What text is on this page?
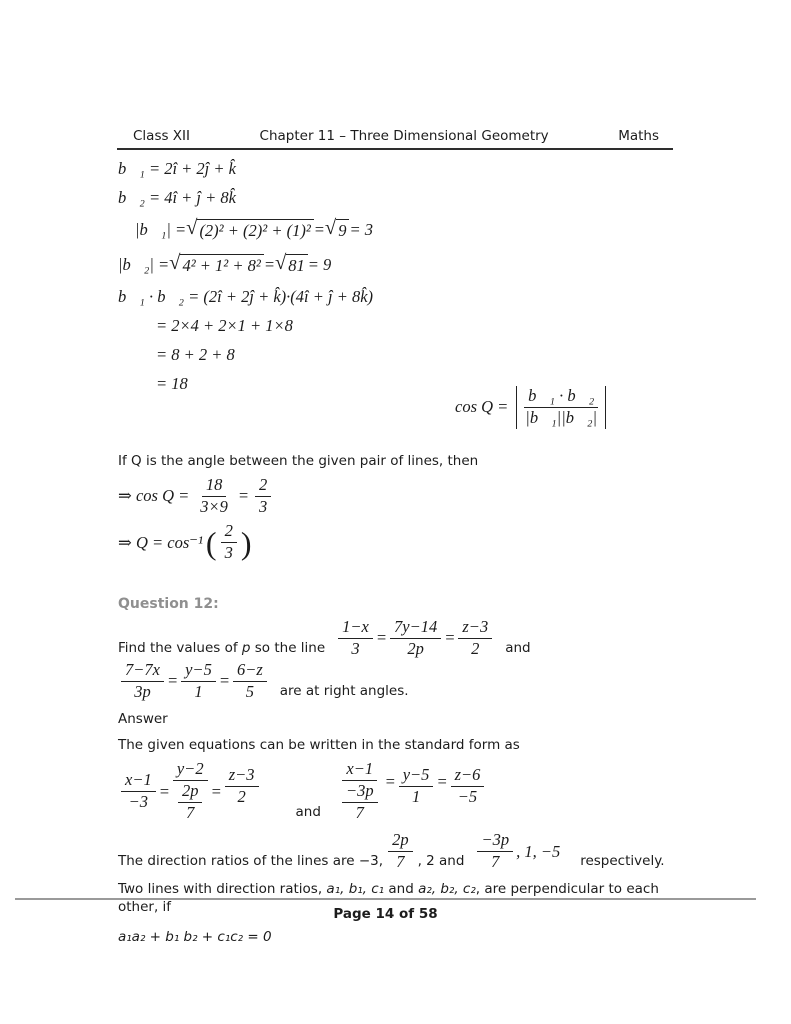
Class XII	Chapter 11 – Three Dimensional Geometry	Maths
b⃗₁ = 2î + 2ĵ + k̂
b⃗₂ = 4î + ĵ + 8k̂
∴ |b⃗₁| = √ (2)² + (2)² + (1)² = √ 9 = 3
|b⃗₂| = √ 4² + 1² + 8² = √ 81 = 9
b⃗₁ · b⃗₂ = (2î + 2ĵ + k̂)·(4î + ĵ + 8k̂)
= 2×4 + 2×1 + 1×8
= 8 + 2 + 8
= 18
$\cos Q = \frac{\text{b⃗₁ · b⃗₂}}{\text{|b⃗₁||b⃗₂|}}$
If Q is the angle between the given pair of lines, then
⇒ $\cos Q = \frac{18}{3\times 9} = \frac{2}{3}$
⇒ Q = cos⁻¹ ( $\frac{2}{3}$ )
Question 12:
Find the values of p so the line $\frac{1-x}{3} = \frac{7y-14}{2p} = \frac{z-3}{2}$ and
$\frac{7-7x}{3p} = \frac{y-5}{1} = \frac{6-z}{5}$ are at right angles.
Answer
The given equations can be written in the standard form as
$\frac{x-1}{-3} = \frac{y-2}{\frac{2p}{7}} = \frac{z-3}{2}$
and $\frac{x-1}{\frac{-3p}{7}} = \frac{y-5}{1} = \frac{z-6}{-5}$
The direction ratios of the lines are −3, $\frac{2p}{7}$ , 2 and $\frac{-3p}{7}$ , 1, −5
respectively.
Two lines with direction ratios, a₁, b₁, c₁ and a₂, b₂, c₂, are perpendicular to each other, if
a₁a₂ + b₁ b₂ + c₁c₂ = 0
Page 14 of 58
